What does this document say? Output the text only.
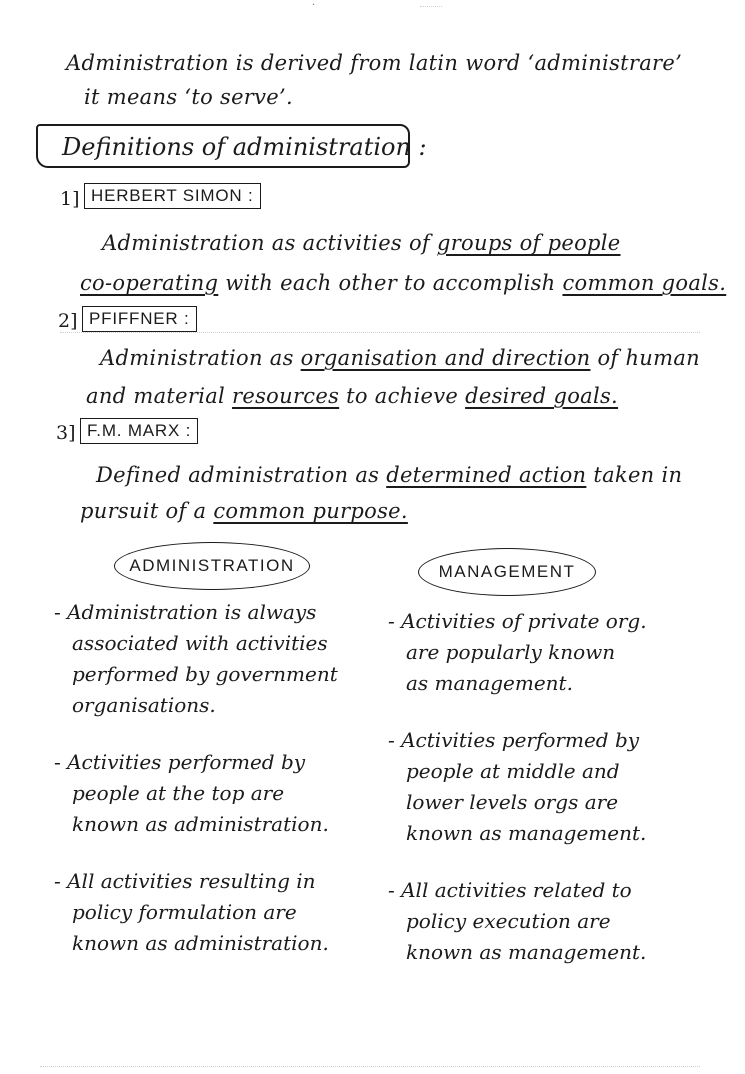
·
Administration is derived from latin word ‘administrare’
it means ‘to serve’.
Definitions of administration :
1] HERBERT SIMON :
Administration as activities of groups of people
co-operating with each other to accomplish common goals.
2] PFIFFNER :
Administration as organisation and direction of human
and material resources to achieve desired goals.
3] F.M. MARX :
Defined administration as determined action taken in
pursuit of a common purpose.
ADMINISTRATION	MANAGEMENT
- Administration is always
associated with activities
performed by government
organisations.
- Activities performed by
people at the top are
known as administration.
- All activities resulting in
policy formulation are
known as administration.
- Activities of private org.
are popularly known
as management.
- Activities performed by
people at middle and
lower levels orgs are
known as management.
- All activities related to
policy execution are
known as management.
